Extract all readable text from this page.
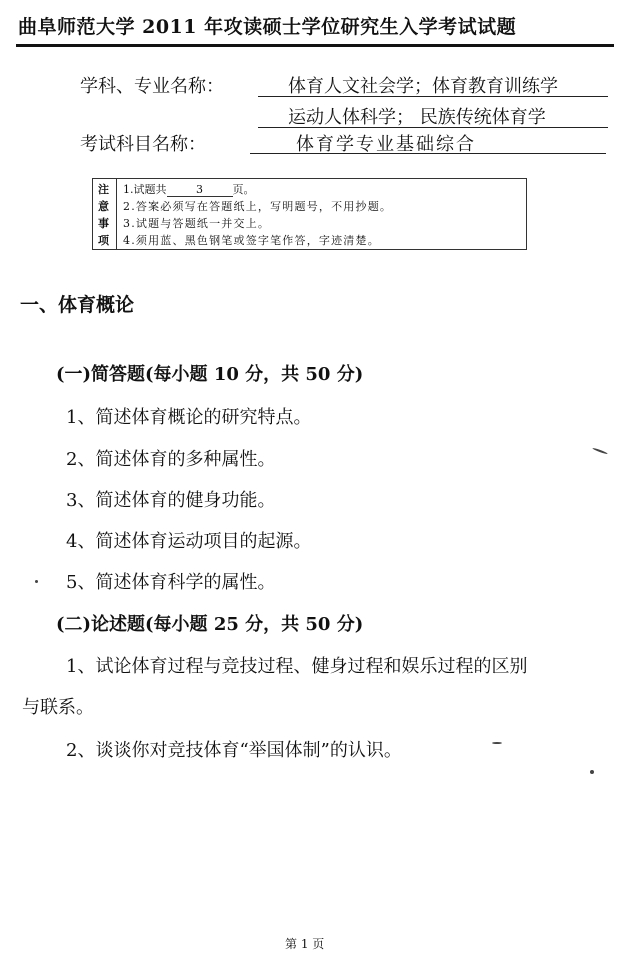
曲阜师范大学 2011 年攻读硕士学位研究生入学考试试题
学科、专业名称：	体育人文社会学；体育教育训练学
运动人体科学； 民族传统体育学
考试科目名称：	体育学专业基础综合
注
意
事
项
1.试题共	3	页。
2.答案必须写在答题纸上，写明题号，不用抄题。
3.试题与答题纸一并交上。
4.须用蓝、黑色钢笔或签字笔作答，字迹清楚。
一、体育概论
(一)简答题(每小题 10 分，共 50 分)
1、简述体育概论的研究特点。
2、简述体育的多种属性。
3、简述体育的健身功能。
4、简述体育运动项目的起源。
5、简述体育科学的属性。
(二)论述题(每小题 25 分，共 50 分)
1、试论体育过程与竞技过程、健身过程和娱乐过程的区别
与联系。
2、谈谈你对竞技体育“举国体制”的认识。
第 1 页
